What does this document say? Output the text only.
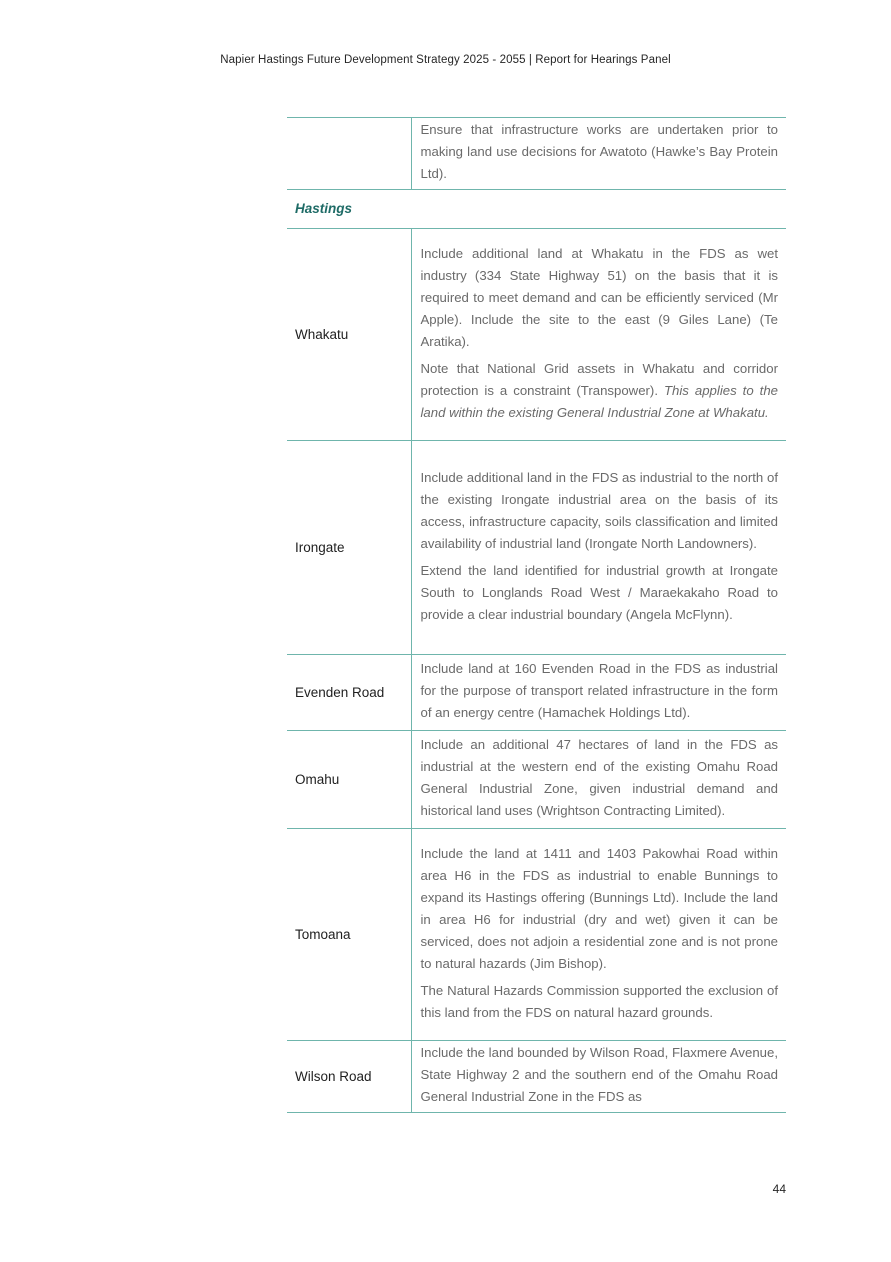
Napier Hastings Future Development Strategy 2025 - 2055 | Report for Hearings Panel

	Ensure that infrastructure works are undertaken prior to making land use decisions for Awatoto (Hawke’s Bay Protein Ltd).

Hastings	
Whakatu	Include additional land at Whakatu in the FDS as wet industry (334 State Highway 51) on the basis that it is required to meet demand and can be efficiently serviced (Mr Apple). Include the site to the east (9 Giles Lane) (Te Aratika).

Note that National Grid assets in Whakatu and corridor protection is a constraint (Transpower). This applies to the land within the existing General Industrial Zone at Whakatu.

Irongate	Include additional land in the FDS as industrial to the north of the existing Irongate industrial area on the basis of its access, infrastructure capacity, soils classification and limited availability of industrial land (Irongate North Landowners).

Extend the land identified for industrial growth at Irongate South to Longlands Road West / Maraekakaho Road to provide a clear industrial boundary (Angela McFlynn).

Evenden Road	Include land at 160 Evenden Road in the FDS as industrial for the purpose of transport related infrastructure in the form of an energy centre (Hamachek Holdings Ltd).

Omahu	Include an additional 47 hectares of land in the FDS as industrial at the western end of the existing Omahu Road General Industrial Zone, given industrial demand and historical land uses (Wrightson Contracting Limited).

Tomoana	Include the land at 1411 and 1403 Pakowhai Road within area H6 in the FDS as industrial to enable Bunnings to expand its Hastings offering (Bunnings Ltd). Include the land in area H6 for industrial (dry and wet) given it can be serviced, does not adjoin a residential zone and is not prone to natural hazards (Jim Bishop).

The Natural Hazards Commission supported the exclusion of this land from the FDS on natural hazard grounds.

Wilson Road	Include the land bounded by Wilson Road, Flaxmere Avenue, State Highway 2 and the southern end of the Omahu Road General Industrial Zone in the FDS as

44
